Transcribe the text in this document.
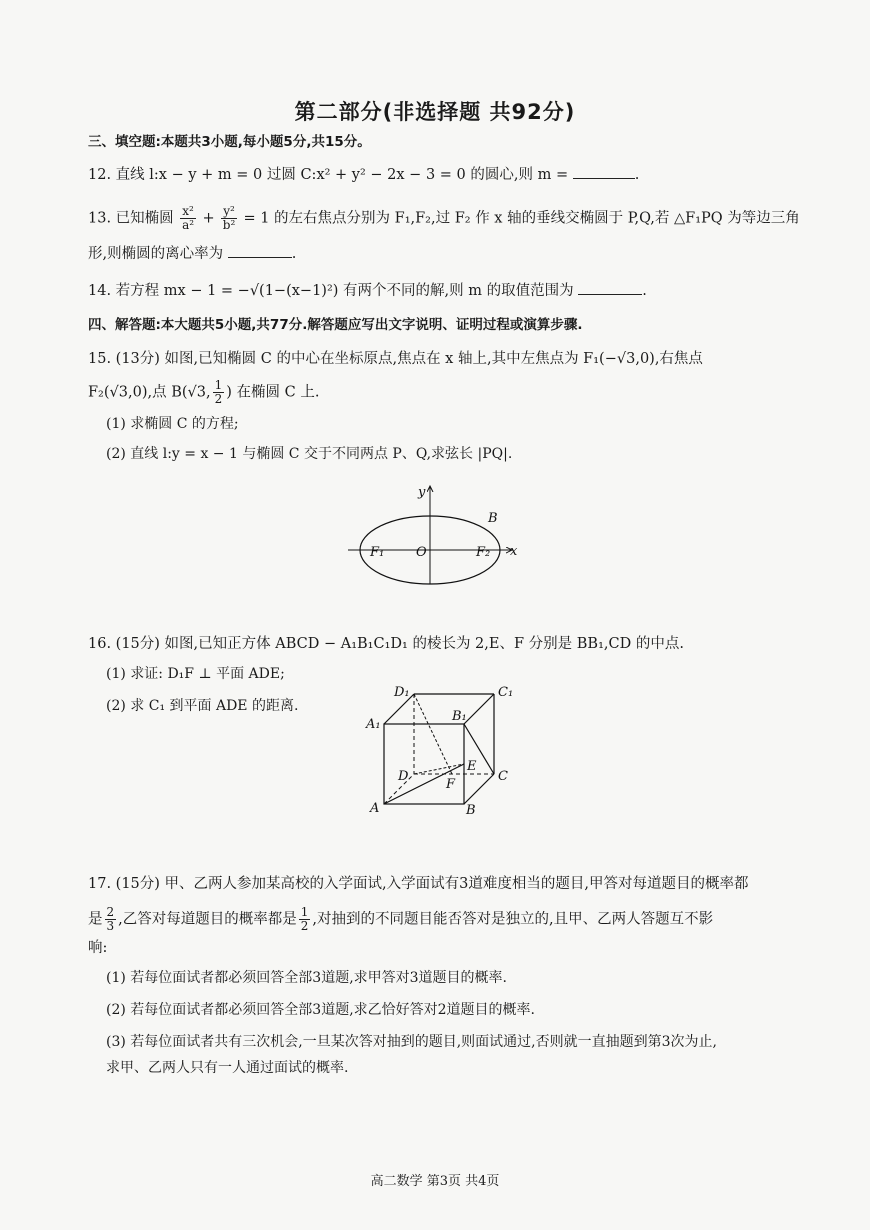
第二部分(非选择题 共92分)
三、填空题:本题共3小题,每小题5分,共15分。
12. 直线 l:x − y + m = 0 过圆 C:x² + y² − 2x − 3 = 0 的圆心,则 m =	.
13. 已知椭圆 $\frac{\text{x²}}{\text{a²}} + \frac{\text{y²}}{\text{b²}} = 1$ 的左右焦点分别为 F₁,F₂,过 F₂ 作 x 轴的垂线交椭圆于 P,Q,若 △F₁PQ 为等边三角
形,则椭圆的离心率为	.
14. 若方程 mx − 1 = −√(1−(x−1)²) 有两个不同的解,则 m 的取值范围为	.
四、解答题:本大题共5小题,共77分.解答题应写出文字说明、证明过程或演算步骤.
15. (13分) 如图,已知椭圆 C 的中心在坐标原点,焦点在 x 轴上,其中左焦点为 F₁(−√3,0),右焦点
F₂(√3,0),点 B(√3, $\frac{1}{2}$ ) 在椭圆 C 上.
(1) 求椭圆 C 的方程;
(2) 直线 l:y = x − 1 与椭圆 C 交于不同两点 P、Q,求弦长 |PQ|.
y
x
B
O
F₁	F₂
16. (15分) 如图,已知正方体 ABCD − A₁B₁C₁D₁ 的棱长为 2,E、F 分别是 BB₁,CD 的中点.
(1) 求证: D₁F ⊥ 平面 ADE;
(2) 求 C₁ 到平面 ADE 的距离.
D₁	C₁
A₁
B₁
D
E
C
F
A	B
17. (15分) 甲、乙两人参加某高校的入学面试,入学面试有3道难度相当的题目,甲答对每道题目的概率都
是 $\frac{2}{3}$ ,乙答对每道题目的概率都是 $\frac{1}{2}$ ,对抽到的不同题目能否答对是独立的,且甲、乙两人答题互不影
响:
(1) 若每位面试者都必须回答全部3道题,求甲答对3道题目的概率.
(2) 若每位面试者都必须回答全部3道题,求乙恰好答对2道题目的概率.
(3) 若每位面试者共有三次机会,一旦某次答对抽到的题目,则面试通过,否则就一直抽题到第3次为止,
求甲、乙两人只有一人通过面试的概率.
高二数学 第3页 共4页
